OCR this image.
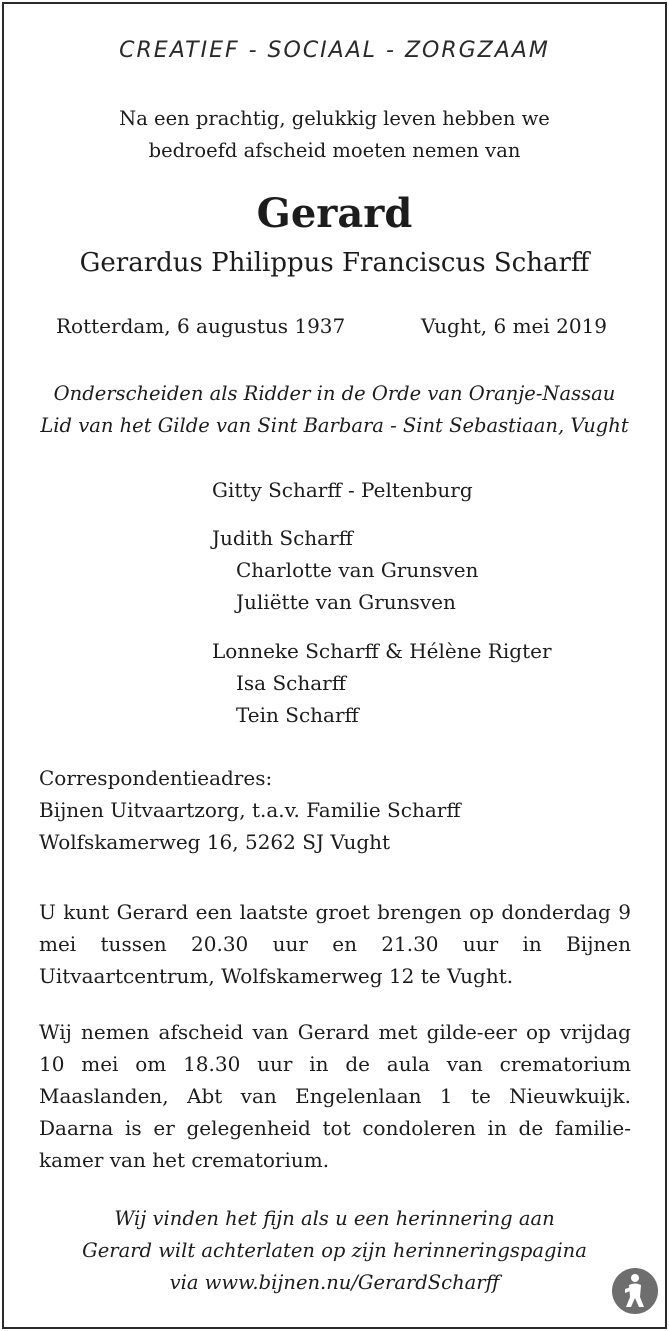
CREATIEF - SOCIAAL - ZORGZAAM
Na een prachtig, gelukkig leven hebben we
bedroefd afscheid moeten nemen van
Gerard
Gerardus Philippus Franciscus Scharff
Rotterdam, 6 augustus 1937	Vught, 6 mei 2019
Onderscheiden als Ridder in de Orde van Oranje-Nassau
Lid van het Gilde van Sint Barbara - Sint Sebastiaan, Vught
Gitty Scharff - Peltenburg
Judith Scharff
Charlotte van Grunsven
Juliëtte van Grunsven
Lonneke Scharff & Hélène Rigter
Isa Scharff
Tein Scharff
Correspondentieadres:
Bijnen Uitvaartzorg, t.a.v. Familie Scharff
Wolfskamerweg 16, 5262 SJ Vught
U kunt Gerard een laatste groet brengen op donderdag 9 mei tussen 20.30 uur en 21.30 uur in Bijnen Uitvaartcentrum, Wolfskamerweg 12 te Vught.
Wij nemen afscheid van Gerard met gilde-eer op vrijdag 10 mei om 18.30 uur in de aula van crematorium Maaslanden, Abt van Engelenlaan 1 te Nieuwkuijk. Daarna is er gelegenheid tot condoleren in de familie-kamer van het crematorium.
Wij vinden het fijn als u een herinnering aan
Gerard wilt achterlaten op zijn herinneringspagina
via www.bijnen.nu/GerardScharff
